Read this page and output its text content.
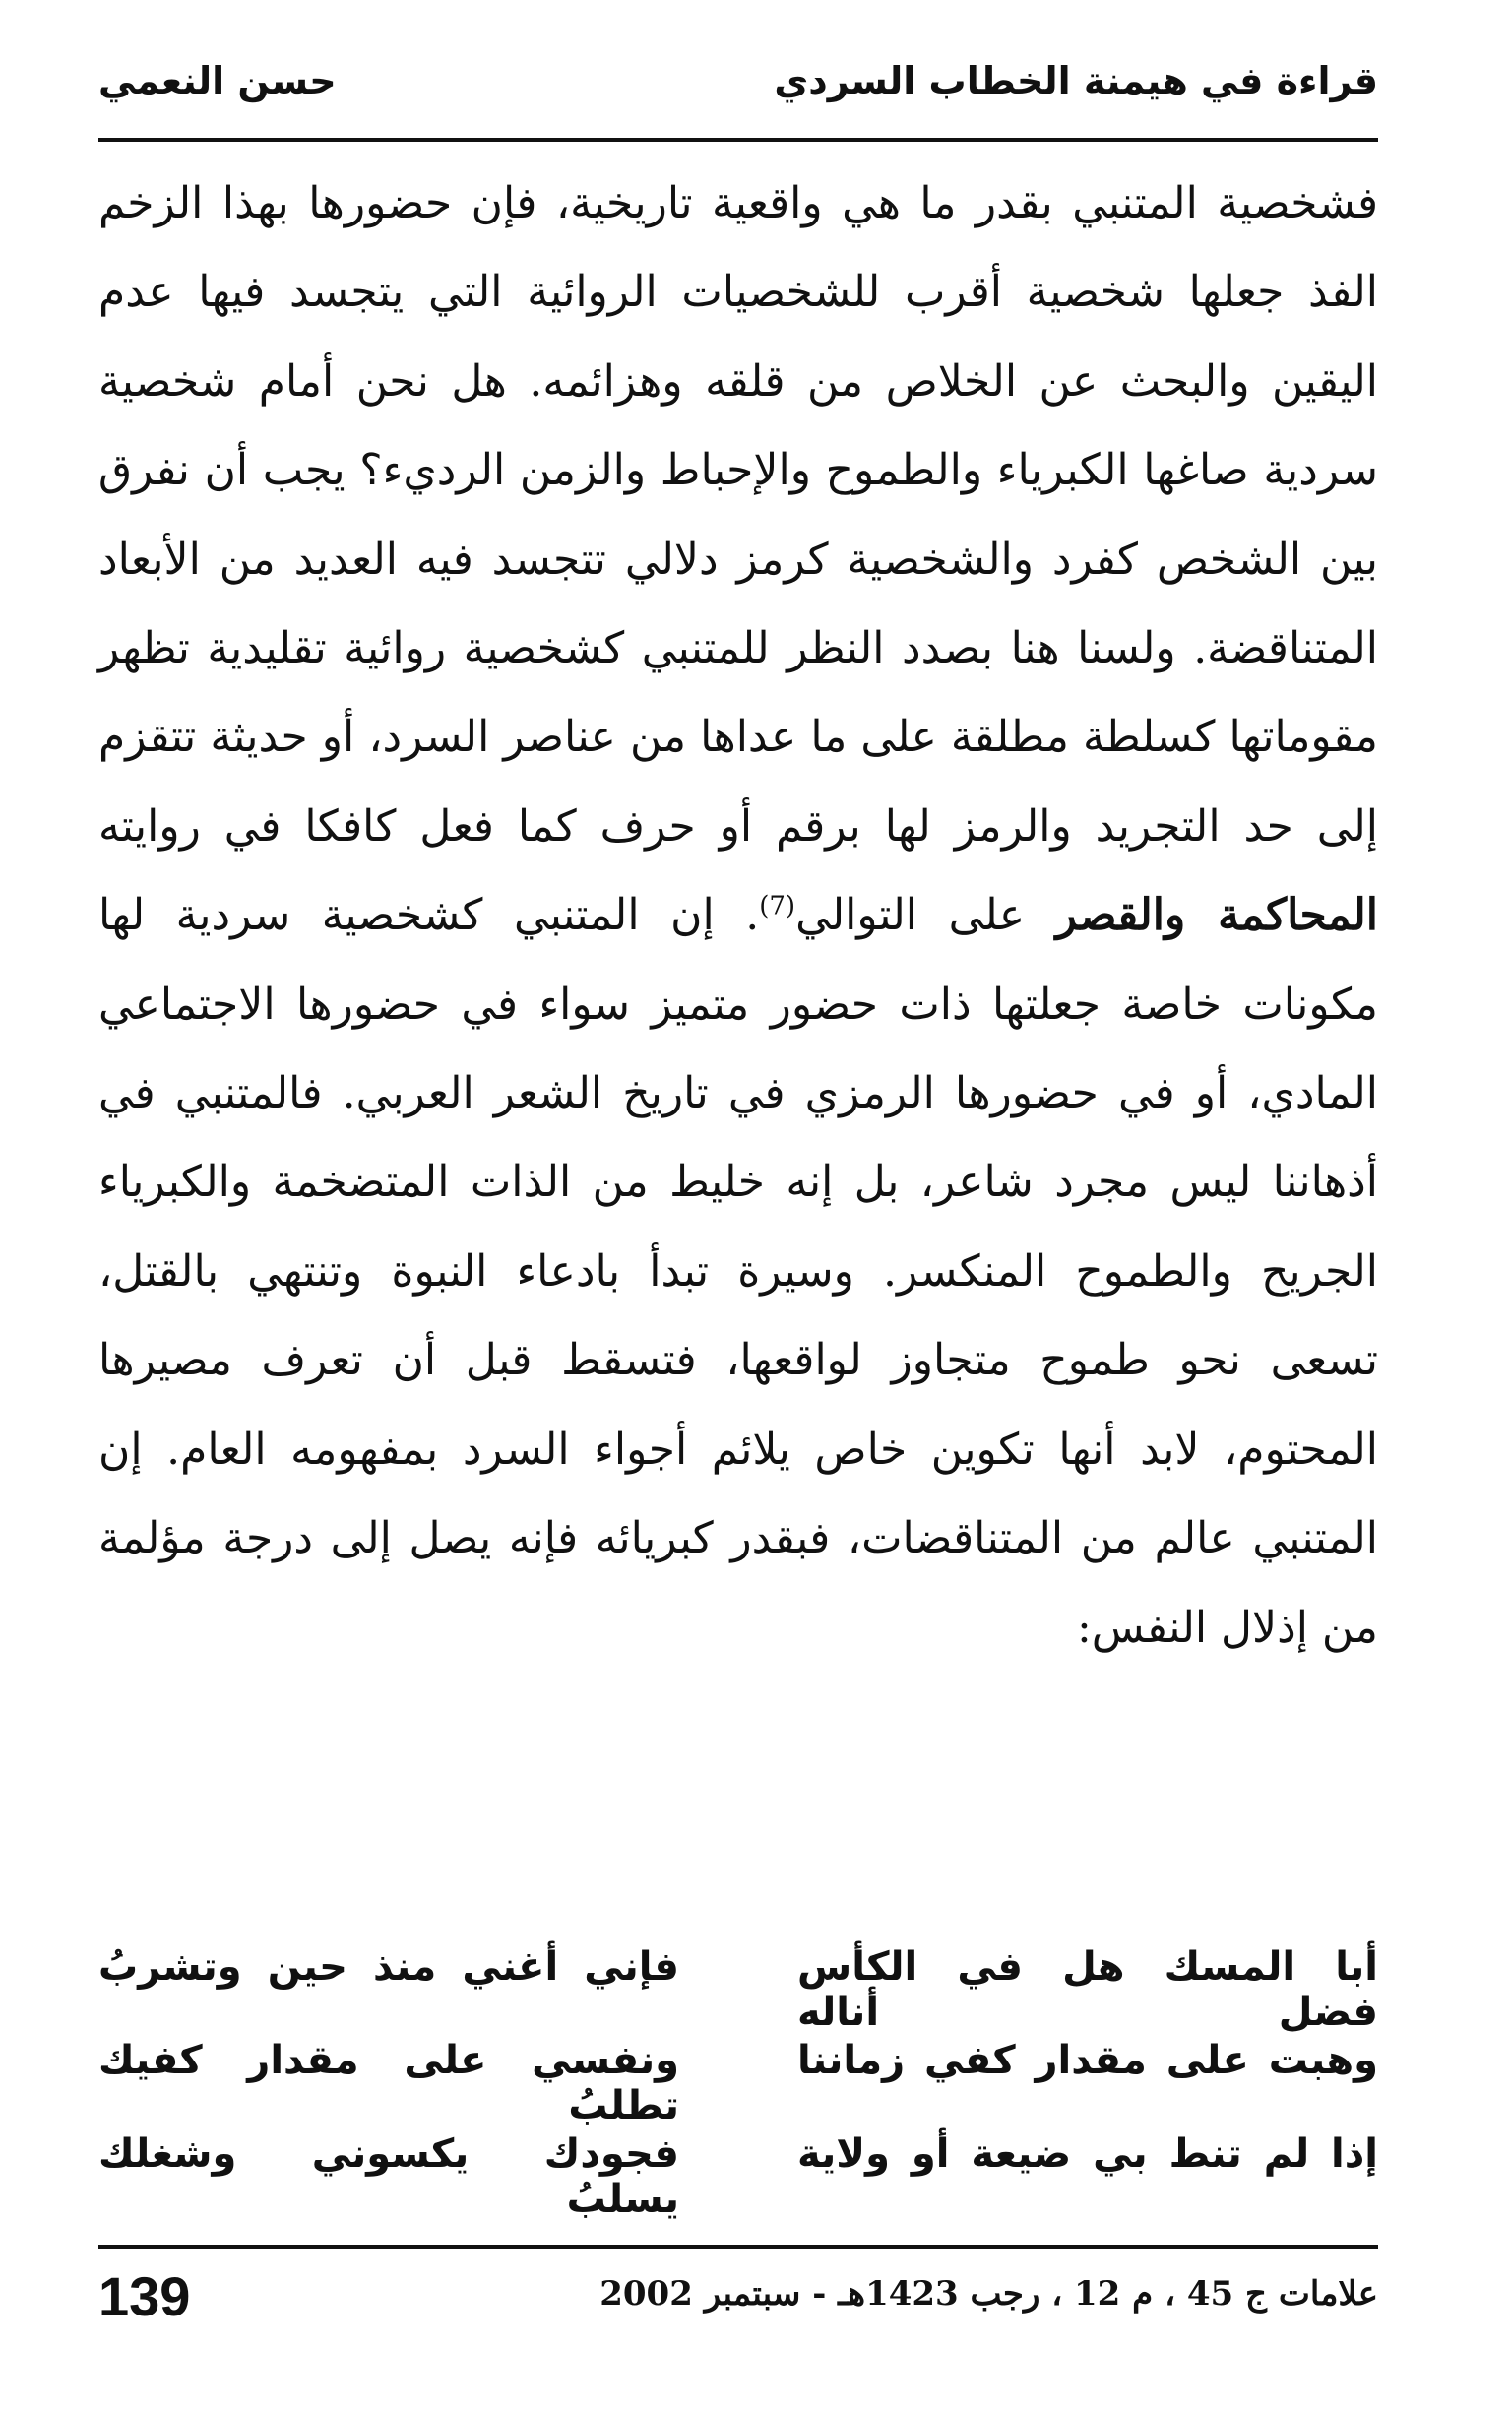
قراءة في هيمنة الخطاب السردي
حسن النعمي

فشخصية المتنبي بقدر ما هي واقعية تاريخية، فإن حضورها بهذا الزخم الفذ جعلها شخصية أقرب للشخصيات الروائية التي يتجسد فيها عدم اليقين والبحث عن الخلاص من قلقه وهزائمه. هل نحن أمام شخصية سردية صاغها الكبرياء والطموح والإحباط والزمن الرديء؟ يجب أن نفرق بين الشخص كفرد والشخصية كرمز دلالي تتجسد فيه العديد من الأبعاد المتناقضة. ولسنا هنا بصدد النظر للمتنبي كشخصية روائية تقليدية تظهر مقوماتها كسلطة مطلقة على ما عداها من عناصر السرد، أو حديثة تتقزم إلى حد التجريد والرمز لها برقم أو حرف كما فعل كافكا في روايته المحاكمة والقصر على التوالي$^{(7)}$. إن المتنبي كشخصية سردية لها مكونات خاصة جعلتها ذات حضور متميز سواء في حضورها الاجتماعي المادي، أو في حضورها الرمزي في تاريخ الشعر العربي. فالمتنبي في أذهاننا ليس مجرد شاعر، بل إنه خليط من الذات المتضخمة والكبرياء الجريح والطموح المنكسر. وسيرة تبدأ بادعاء النبوة وتنتهي بالقتل، تسعى نحو طموح متجاوز لواقعها، فتسقط قبل أن تعرف مصيرها المحتوم، لابد أنها تكوين خاص يلائم أجواء السرد بمفهومه العام. إن المتنبي عالم من المتناقضات، فبقدر كبريائه فإنه يصل إلى درجة مؤلمة من إذلال النفس:

أبا المسك هل في الكأس فضل أناله
فإني أغني منذ حين وتشربُ
وهبت على مقدار كفي زماننا
ونفسي على مقدار كفيك تطلبُ
إذا لم تنط بي ضيعة أو ولاية
فجودك يكسوني وشغلك يسلبُ
139	علامات ج 45 ، م 12 ، رجب 1423هـ - سبتمبر 2002
